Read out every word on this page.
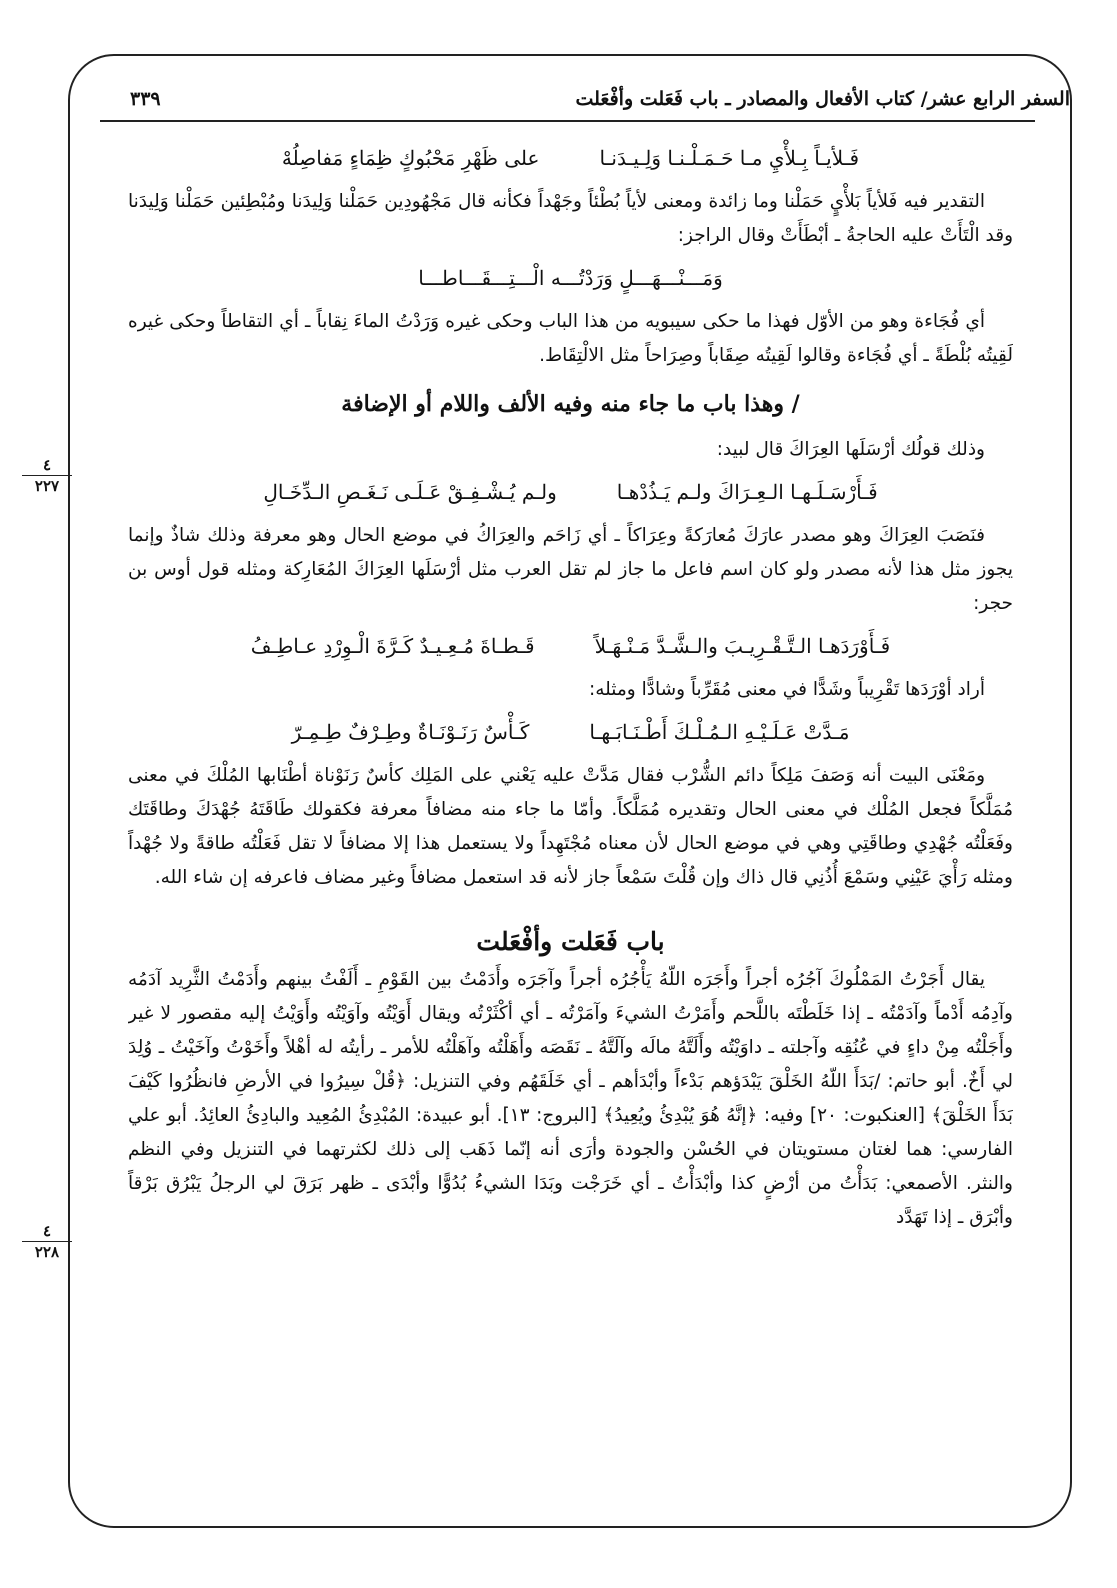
٣٣٩	السفر الرابع عشر/ كتاب الأفعال والمصادر ـ باب فَعَلت وأفْعَلت
٤
٢٢٧
٤
٢٢٨
فَـلأيـاً بِـلأْيِ مـا حَـمَـلْـنـا وَلِـيـدَنـا
على ظَهْرِ مَحْبُوكٍ ظِمَاءٍ مَفاصِلُهْ

التقدير فيه فَلأياً بَلأْيٍ حَمَلْنا وما زائدة ومعنى لأياً بُطْئاً وجَهْداً فكأنه قال مَجْهُودِين حَمَلْنا وَلِيدَنا ومُبْطِئين حَمَلْنا وَلِيدَنا وقد الْتَأَتْ عليه الحاجةُ ـ أبْطَأَتْ وقال الراجز:

وَمَـــنْـــهَـــلٍ وَرَدْتُـــه الْـــتِـــقَـــاطـــا

أي فُجَاءة وهو من الأوّل فهذا ما حكى سيبويه من هذا الباب وحكى غيره وَرَدْتُ الماءَ نِقاباً ـ أي التقاطاً وحكى غيره لَقِيتُه بُلْطَةً ـ أي فُجَاءة وقالوا لَقِيتُه صِقَاباً وصِرَاحاً مثل الالْتِقَاط.

/ وهذا باب ما جاء منه وفيه الألف واللام أو الإضافة

وذلك قولُك أرْسَلَها العِرَاكَ قال لبيد:

فَـأَرْسَـلَـهـا الـعِـرَاكَ ولـم يَـذُدْهـا
ولـم يُـشْـفِـقْ عَـلَـى نَـغَـصِ الـدِّخَـالِ

فنَصَبَ العِرَاكَ وهو مصدر عارَكَ مُعارَكةً وعِرَاكاً ـ أي زَاحَم والعِرَاكُ في موضع الحال وهو معرفة وذلك شاذٌ وإنما يجوز مثل هذا لأنه مصدر ولو كان اسم فاعل ما جاز لم تقل العرب مثل أرْسَلَها العِرَاكَ المُعَارِكة ومثله قول أوس بن حجر:

فَـأَوْرَدَهـا الـتَّـقْـرِيـبَ والـشَّـدَّ مَـنْـهَـلاً
قَـطـاةَ مُـعِـيـدٌ كَـرَّةَ الْـوِرْدِ عـاطِـفُ

أراد أوْرَدَها تَقْرِيباً وشَدًّا في معنى مُقَرِّباً وشادًّا ومثله:

مَـدَّتْ عَـلَـيْـهِ الـمُـلْـكَ أَطْـنَـابَـهـا
كَـأْسٌ رَنَـوْنَـاةٌ وطِـرْفٌ طِـمِـرّ

ومَعْنَى البيت أنه وَصَفَ مَلِكاً دائم الشُّرْب فقال مَدَّتْ عليه يَعْني على المَلِك كأسٌ رَنَوْناة أطْنَابها المُلْكَ في معنى مُمَلَّكاً فجعل المُلْك في معنى الحال وتقديره مُمَلَّكاً. وأمّا ما جاء منه مضافاً معرفة فكقولك طَاقَتَهُ جُهْدَكَ وطاقَتَك وفَعَلْتُه جُهْدِي وطاقَتِي وهي في موضع الحال لأن معناه مُجْتَهِداً ولا يستعمل هذا إلا مضافاً لا تقل فَعَلْتُه طاقةً ولا جُهْداً ومثله رَأْيَ عَيْنِي وسَمْعَ أُذُنِي قال ذاك وإن قُلْتَ سَمْعاً جاز لأنه قد استعمل مضافاً وغير مضاف فاعرفه إن شاء الله.

باب فَعَلت وأفْعَلت

يقال أَجَرْتُ المَمْلُوكَ آجُرُه أجراً وأَجَرَه اللّهُ يَأْجُرُه أجراً وآجَرَه وأَدَمْتُ بين القَوْمِ ـ أَلَفْتُ بينهم وأَدَمْتُ الثَّرِيد آدَمُه وآدِمُه أَدْماً وآدَمْتُه ـ إذا خَلَطْتَه باللَّحم وأَمَرْتُ الشيءَ وآمَرْتُه ـ أي أكْثَرْتُه ويقال أَوَيْتُه وآوَيْتُه وأَوَيْتُ إليه مقصور لا غير وأَجَلْتُه مِنْ داءٍ في عُنُقِه وآجلته ـ داوَيْتُه وأَلَتَّهُ مالَه وآلَتَّهُ ـ نَقَصَه وأَهَلْتُه وآهَلْتُه للأمر ـ رأيتُه له أهْلاً وأَخَوْتُ وآخَيْتُ ـ وُلِدَ لي أَخٌ. أبو حاتم: /بَدَأَ اللّهُ الخَلْقَ يَبْدَؤهم بَدْءاً وأبْدَأهم ـ أي خَلَقَهُم وفي التنزيل: ﴿قُلْ سِيرُوا في الأرضِ فانظُرُوا كَيْفَ بَدَأَ الخَلْقَ﴾ [العنكبوت: ٢٠] وفيه: ﴿إنَّهُ هُوَ يُبْدِئُ ويُعِيدُ﴾ [البروج: ١٣]. أبو عبيدة: المُبْدِئُ المُعِيد والبادِئُ العائِدُ. أبو علي الفارسي: هما لغتان مستويتان في الحُسْن والجودة وأرَى أنه إنّما ذَهَب إلى ذلك لكثرتهما في التنزيل وفي النظم والنثر. الأصمعي: بَدَأْتُ من أرْضٍ كذا وأبْدَأْتُ ـ أي خَرَجْت وبَدَا الشيءُ بُدُوًّا وأبْدَى ـ ظهر بَرَقَ لي الرجلُ يَبْرُق بَرْقاً وأبْرَق ـ إذا تَهَدَّد
